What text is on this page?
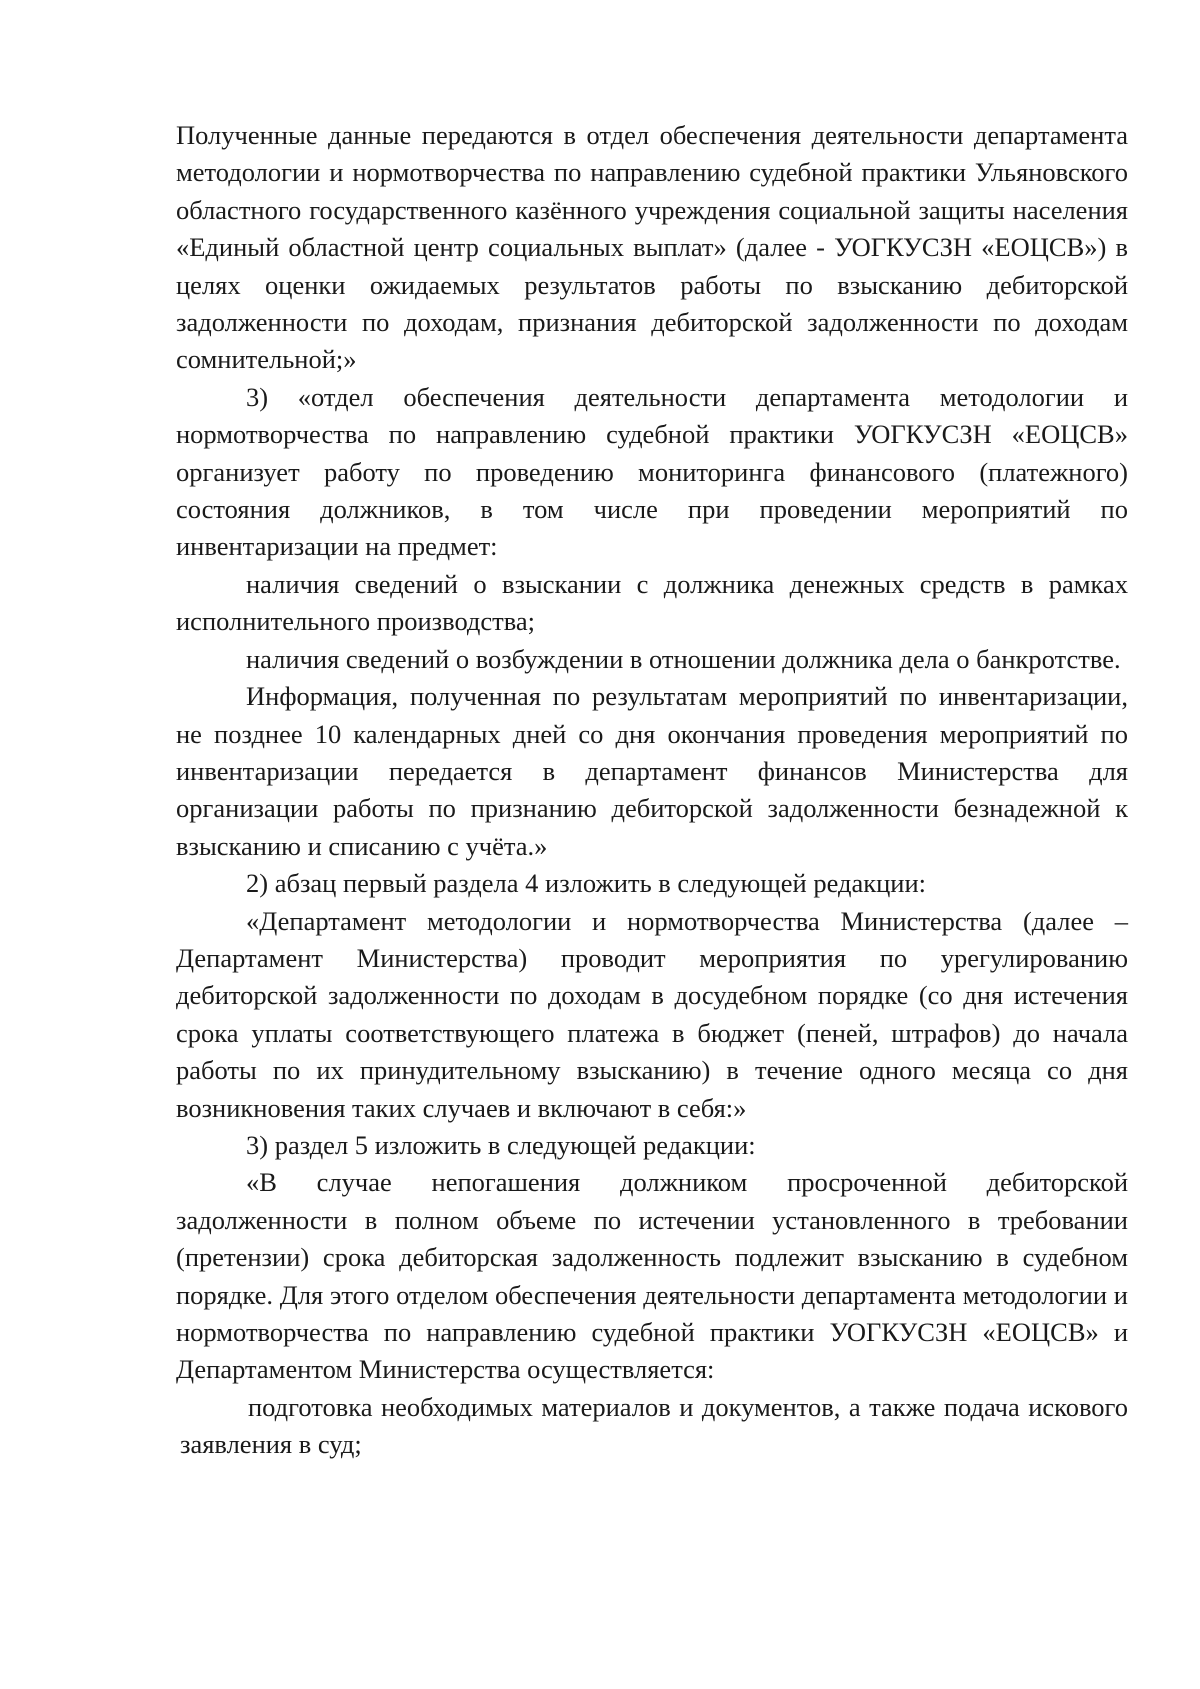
Полученные данные передаются в отдел обеспечения деятельности департамента методологии и нормотворчества по направлению судебной практики Ульяновского областного государственного казённого учреждения социальной защиты населения «Единый областной центр социальных выплат» (далее - УОГКУСЗН «ЕОЦСВ») в целях оценки ожидаемых результатов работы по взысканию дебиторской задолженности по доходам, признания дебиторской задолженности по доходам сомнительной;»

3) «отдел обеспечения деятельности департамента методологии и нормотворчества по направлению судебной практики УОГКУСЗН «ЕОЦСВ» организует работу по проведению мониторинга финансового (платежного) состояния должников, в том числе при проведении мероприятий по инвентаризации на предмет:

наличия сведений о взыскании с должника денежных средств в рамках исполнительного производства;

наличия сведений о возбуждении в отношении должника дела о банкротстве.

Информация, полученная по результатам мероприятий по инвентаризации, не позднее 10 календарных дней со дня окончания проведения мероприятий по инвентаризации передается в департамент финансов Министерства для организации работы по признанию дебиторской задолженности безнадежной к взысканию и списанию с учёта.»

2) абзац первый раздела 4 изложить в следующей редакции:

«Департамент методологии и нормотворчества Министерства (далее – Департамент Министерства) проводит мероприятия по урегулированию дебиторской задолженности по доходам в досудебном порядке (со дня истечения срока уплаты соответствующего платежа в бюджет (пеней, штрафов) до начала работы по их принудительному взысканию) в течение одного месяца со дня возникновения таких случаев и включают в себя:»

3) раздел 5 изложить в следующей редакции:

«В случае непогашения должником просроченной дебиторской задолженности в полном объеме по истечении установленного в требовании (претензии) срока дебиторская задолженность подлежит взысканию в судебном порядке. Для этого отделом обеспечения деятельности департамента методологии и нормотворчества по направлению судебной практики УОГКУСЗН «ЕОЦСВ» и Департаментом Министерства осуществляется:

подготовка необходимых материалов и документов, а также подача искового заявления в суд;
